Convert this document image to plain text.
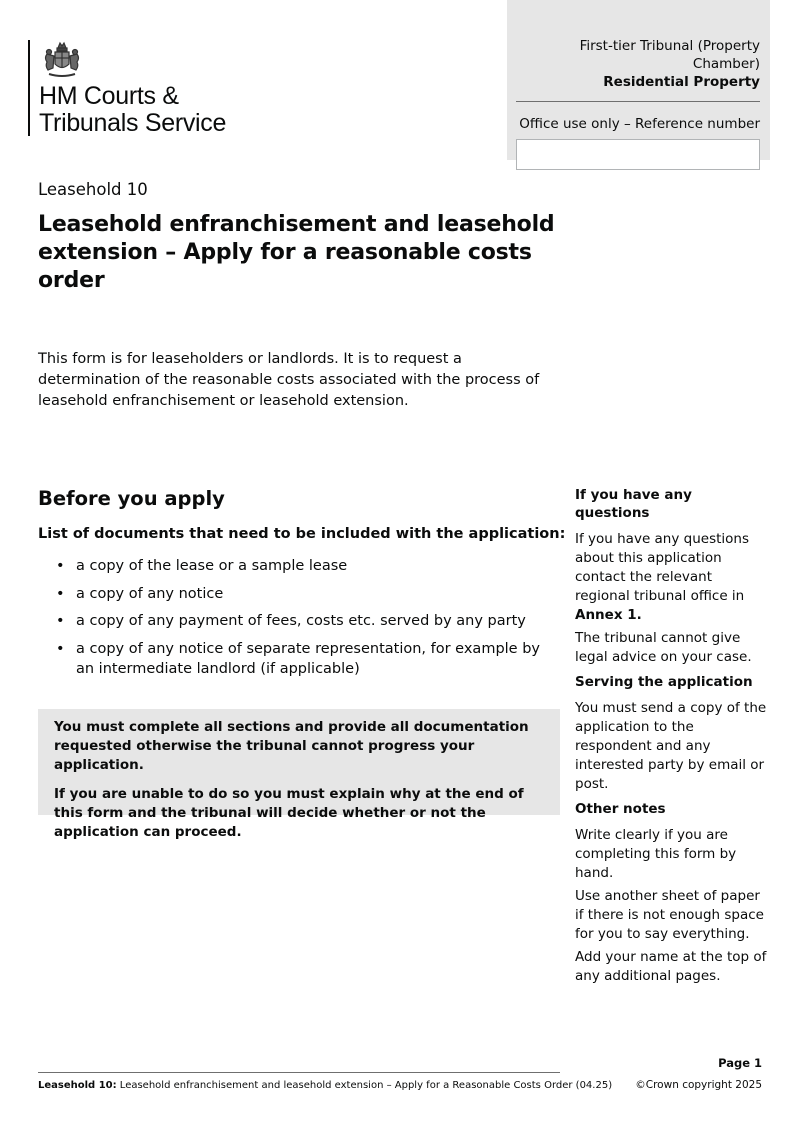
HM Courts &
Tribunals Service
First-tier Tribunal (Property Chamber)
Residential Property
Office use only – Reference number
Leasehold 10
Leasehold enfranchisement and leasehold extension – Apply for a reasonable costs order

This form is for leaseholders or landlords. It is to request a determination of the reasonable costs associated with the process of leasehold enfranchisement or leasehold extension.

Before you apply
List of documents that need to be included with the application:
• a copy of the lease or a sample lease
• a copy of any notice
• a copy of any payment of fees, costs etc. served by any party
• a copy of any notice of separate representation, for example by an intermediate landlord (if applicable)

You must complete all sections and provide all documentation requested otherwise the tribunal cannot progress your application.

If you are unable to do so you must explain why at the end of this form and the tribunal will decide whether or not the application can proceed.

If you have any questions

If you have any questions about this application contact the relevant regional tribunal office in Annex 1.

The tribunal cannot give legal advice on your case.

Serving the application

You must send a copy of the application to the respondent and any interested party by email or post.

Other notes

Write clearly if you are completing this form by hand.

Use another sheet of paper if there is not enough space for you to say everything.

Add your name at the top of any additional pages.

Page 1
Leasehold 10: Leasehold enfranchisement and leasehold extension – Apply for a Reasonable Costs Order (04.25) ©Crown copyright 2025
